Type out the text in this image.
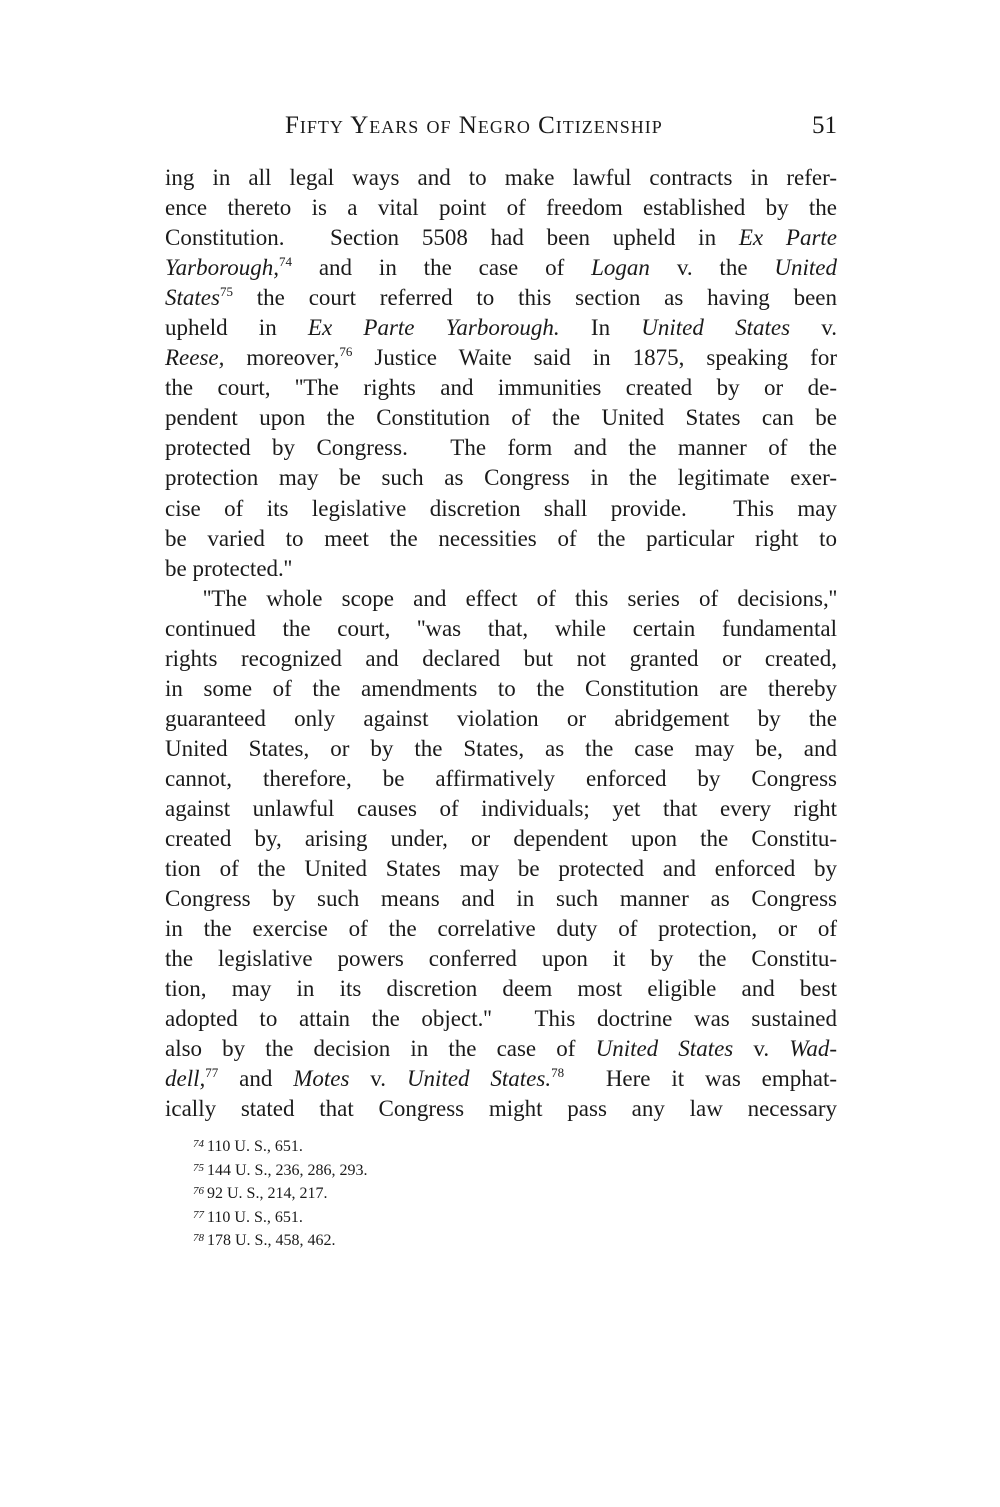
Fifty Years of Negro Citizenship	51
ing in all legal ways and to make lawful contracts in refer-
ence thereto is a vital point of freedom established by the
Constitution.  Section 5508 had been upheld in Ex Parte
Yarborough,$^{74}$ and in the case of Logan v. the United
States$^{75}$ the court referred to this section as having been
upheld in Ex Parte Yarborough. In United States v.
Reese, moreover,$^{76}$ Justice Waite said in 1875, speaking for
the court, ''The rights and immunities created by or de-
pendent upon the Constitution of the United States can be
protected by Congress.  The form and the manner of the
protection may be such as Congress in the legitimate exer-
cise of its legislative discretion shall provide.  This may
be varied to meet the necessities of the particular right to
be protected.''
''The whole scope and effect of this series of decisions,''
continued the court, ''was that, while certain fundamental
rights recognized and declared but not granted or created,
in some of the amendments to the Constitution are thereby
guaranteed only against violation or abridgement by the
United States, or by the States, as the case may be, and
cannot, therefore, be affirmatively enforced by Congress
against unlawful causes of individuals; yet that every right
created by, arising under, or dependent upon the Constitu-
tion of the United States may be protected and enforced by
Congress by such means and in such manner as Congress
in the exercise of the correlative duty of protection, or of
the legislative powers conferred upon it by the Constitu-
tion, may in its discretion deem most eligible and best
adopted to attain the object.''  This doctrine was sustained
also by the decision in the case of United States v. Wad-
dell,$^{77}$ and Motes v. United States.$^{78}$  Here it was emphat-
ically stated that Congress might pass any law necessary
$^{74}$ 110 U. S., 651.
$^{75}$ 144 U. S., 236, 286, 293.
$^{76}$ 92 U. S., 214, 217.
$^{77}$ 110 U. S., 651.
$^{78}$ 178 U. S., 458, 462.
